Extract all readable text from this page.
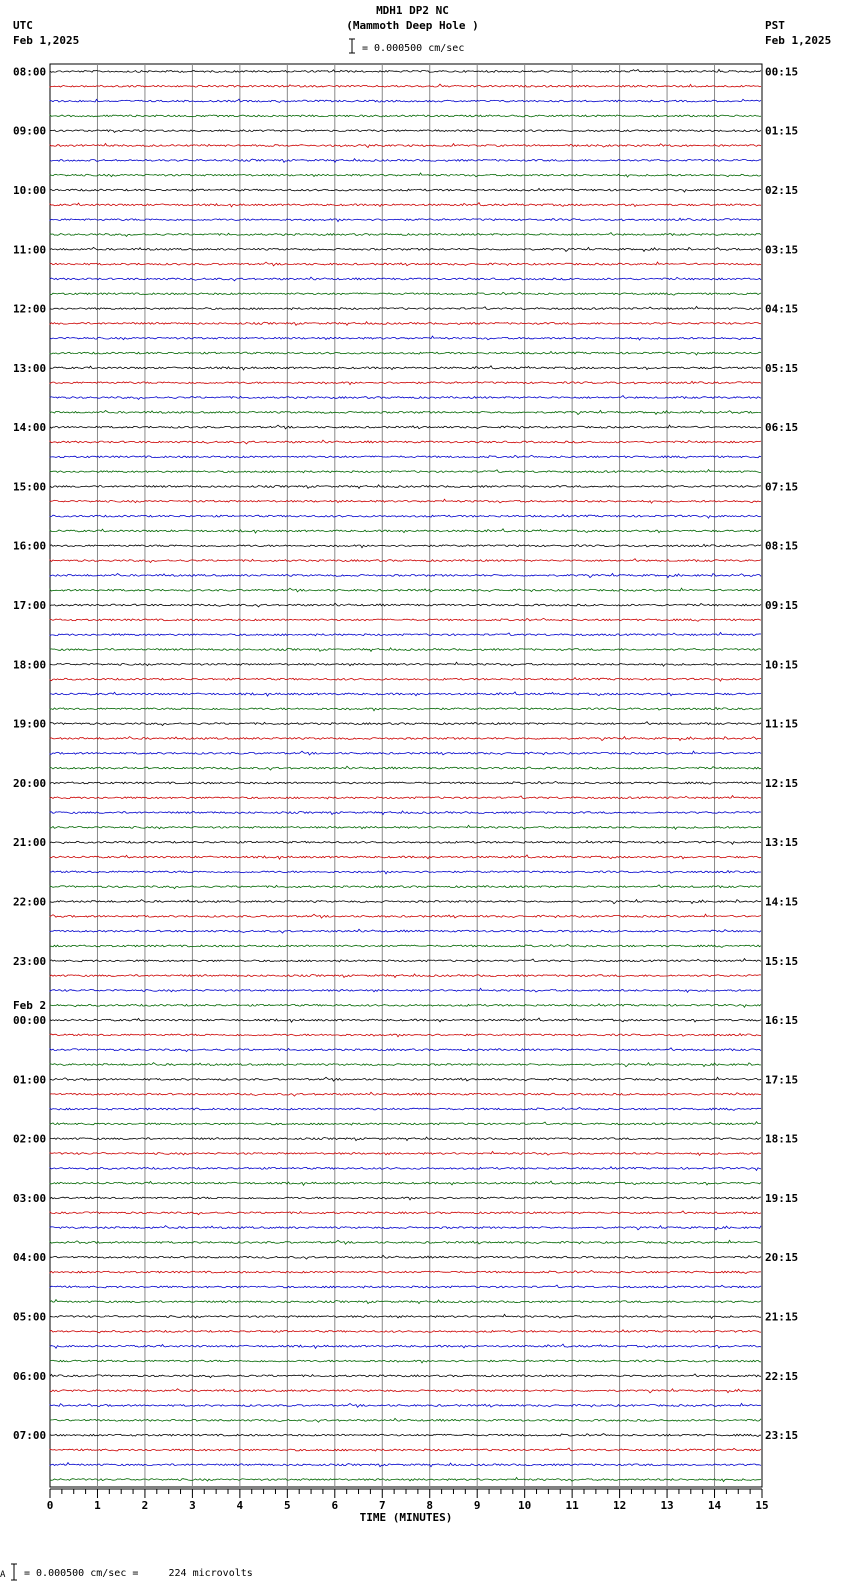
MDH1 DP2 NC
(Mammoth Deep Hole )
= 0.000500 cm/sec
UTC
Feb 1,2025
PST
Feb 1,2025
08:00	00:15
09:00	01:15
10:00	02:15
11:00	03:15
12:00	04:15
13:00	05:15
14:00	06:15
15:00	07:15
16:00	08:15
17:00	09:15
18:00	10:15
19:00	11:15
20:00	12:15
21:00	13:15
22:00	14:15
23:00	15:15
00:00	16:15
Feb 2
01:00	17:15
02:00	18:15
03:00	19:15
04:00	20:15
05:00	21:15
06:00	22:15
07:00	23:15
0	1	2	3	4	5	6	7	8	9	10	11	12	13	14	15
TIME (MINUTES)
A = 0.000500 cm/sec =     224 microvolts
